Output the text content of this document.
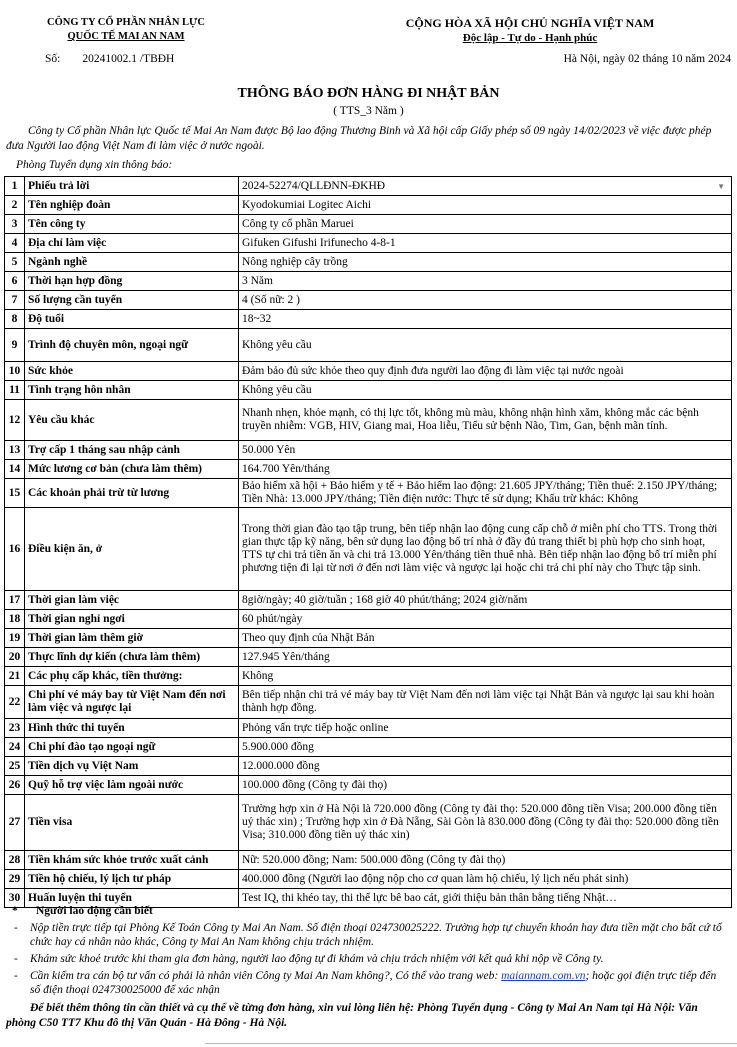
CÔNG TY CỔ PHẦN NHÂN LỰC
QUỐC TẾ MAI AN NAM
CỘNG HÒA XÃ HỘI CHỦ NGHĨA VIỆT NAM
Độc lập - Tự do - Hạnh phúc
Số: 20241002.1 /TBĐH	Hà Nội, ngày 02 tháng 10 năm 2024
THÔNG BÁO ĐƠN HÀNG ĐI NHẬT BẢN
( TTS_3 Năm )
Công ty Cổ phần Nhân lực Quốc tế Mai An Nam được Bộ lao động Thương Binh và Xã hội cấp Giấy phép số 09 ngày 14/02/2023 về việc được phép đưa Người lao động Việt Nam đi làm việc ở nước ngoài.
Phòng Tuyển dụng xin thông báo:
1	Phiếu trả lời	2024-52274/QLLĐNN-ĐKHĐ ▼

2	Tên nghiệp đoàn	Kyodokumiai Logitec Aichi
3	Tên công ty	Công ty cổ phần Maruei
4	Địa chỉ làm việc	Gifuken Gifushi Irifunecho 4-8-1
5	Ngành nghề	Nông nghiệp cây trồng
6	Thời hạn hợp đồng	3 Năm
7	Số lượng cần tuyển	4 (Số nữ: 2 )
8	Độ tuổi	18~32
9	Trình độ chuyên môn, ngoại ngữ	Không yêu cầu
10	Sức khỏe	Đảm bảo đủ sức khỏe theo quy định đưa người lao động đi làm việc tại nước ngoài
11	Tình trạng hôn nhân	Không yêu cầu
12	Yêu cầu khác	Nhanh nhẹn, khỏe mạnh, có thị lực tốt, không mù màu, không nhận hình xăm, không mắc các bệnh truyền nhiễm: VGB, HIV, Giang mai, Hoa liễu, Tiểu sử bệnh Não, Tim, Gan, bệnh mãn tính.
13	Trợ cấp 1 tháng sau nhập cảnh	50.000 Yên
14	Mức lương cơ bản (chưa làm thêm)	164.700 Yên/tháng
15	Các khoản phải trừ từ lương	Bảo hiểm xã hội + Bảo hiểm y tế + Bảo hiểm lao động: 21.605 JPY/tháng; Tiền thuế: 2.150 JPY/tháng; Tiền Nhà: 13.000 JPY/tháng; Tiền điện nước: Thực tế sử dụng; Khấu trừ khác: Không
16	Điều kiện ăn, ở	Trong thời gian đào tạo tập trung, bên tiếp nhận lao động cung cấp chỗ ở miễn phí cho TTS. Trong thời gian thực tập kỹ năng, bên sử dụng lao động bố trí nhà ở đầy đủ trang thiết bị phù hợp cho sinh hoạt, TTS tự chi trả tiền ăn và chi trả 13.000 Yên/tháng tiền thuê nhà. Bên tiếp nhận lao động bố trí miễn phí phương tiện đi lại từ nơi ở đến nơi làm việc và ngược lại hoặc chi trả chi phí này cho Thực tập sinh.
17	Thời gian làm việc	8giờ/ngày; 40 giờ/tuần ; 168 giờ 40 phút/tháng; 2024 giờ/năm
18	Thời gian nghỉ ngơi	60 phút/ngày
19	Thời gian làm thêm giờ	Theo quy định của Nhật Bản
20	Thực lĩnh dự kiến (chưa làm thêm)	127.945 Yên/tháng
21	Các phụ cấp khác, tiền thưởng:	Không
22	Chi phí vé máy bay từ Việt Nam đến nơi làm việc và ngược lại	Bên tiếp nhận chi trả vé máy bay từ Việt Nam đến nơi làm việc tại Nhật Bản và ngược lại sau khi hoàn thành hợp đồng.
23	Hình thức thi tuyển	Phỏng vấn trực tiếp hoặc online
24	Chi phí đào tạo ngoại ngữ	5.900.000 đồng
25	Tiền dịch vụ Việt Nam	12.000.000 đồng
26	Quỹ hỗ trợ việc làm ngoài nước	100.000 đồng (Công ty đài thọ)
27	Tiền visa	Trường hợp xin ở Hà Nội là 720.000 đồng (Công ty đài thọ: 520.000 đồng tiền Visa; 200.000 đồng tiền uỷ thác xin) ; Trường hợp xin ở Đà Nẵng, Sài Gòn là 830.000 đồng (Công ty đài thọ: 520.000 đồng tiền Visa; 310.000 đồng tiền uỷ thác xin)
28	Tiền khám sức khỏe trước xuất cảnh	Nữ: 520.000 đồng; Nam: 500.000 đồng (Công ty đài thọ)
29	Tiền hộ chiếu, lý lịch tư pháp	400.000 đồng (Người lao động nộp cho cơ quan làm hộ chiếu, lý lịch nếu phát sinh)
30	Huấn luyện thi tuyển	Test IQ, thi khéo tay, thi thể lực bê bao cát, giới thiệu bản thân bằng tiếng Nhật…
* Người lao động cần biết
- Nộp tiền trực tiếp tại Phòng Kế Toán Công ty Mai An Nam. Số điện thoại 024730025222. Trường hợp tự chuyển khoản hay đưa tiền mặt cho bất cứ tổ chức hay cá nhân nào khác, Công ty Mai An Nam không chịu trách nhiệm.
- Khám sức khoẻ trước khi tham gia đơn hàng, người lao động tự đi khám và chịu trách nhiệm với kết quả khi nộp về Công ty.
- Cần kiểm tra cán bộ tư vấn có phải là nhân viên Công ty Mai An Nam không?, Có thể vào trang web: maiannam.com.vn; hoặc gọi điện trực tiếp đến số điện thoại 024730025000 để xác nhận
Để biết thêm thông tin cần thiết và cụ thể về từng đơn hàng, xin vui lòng liên hệ: Phòng Tuyển dụng - Công ty Mai An Nam tại Hà Nội: Văn phòng C50 TT7 Khu đô thị Văn Quán - Hà Đông - Hà Nội.
